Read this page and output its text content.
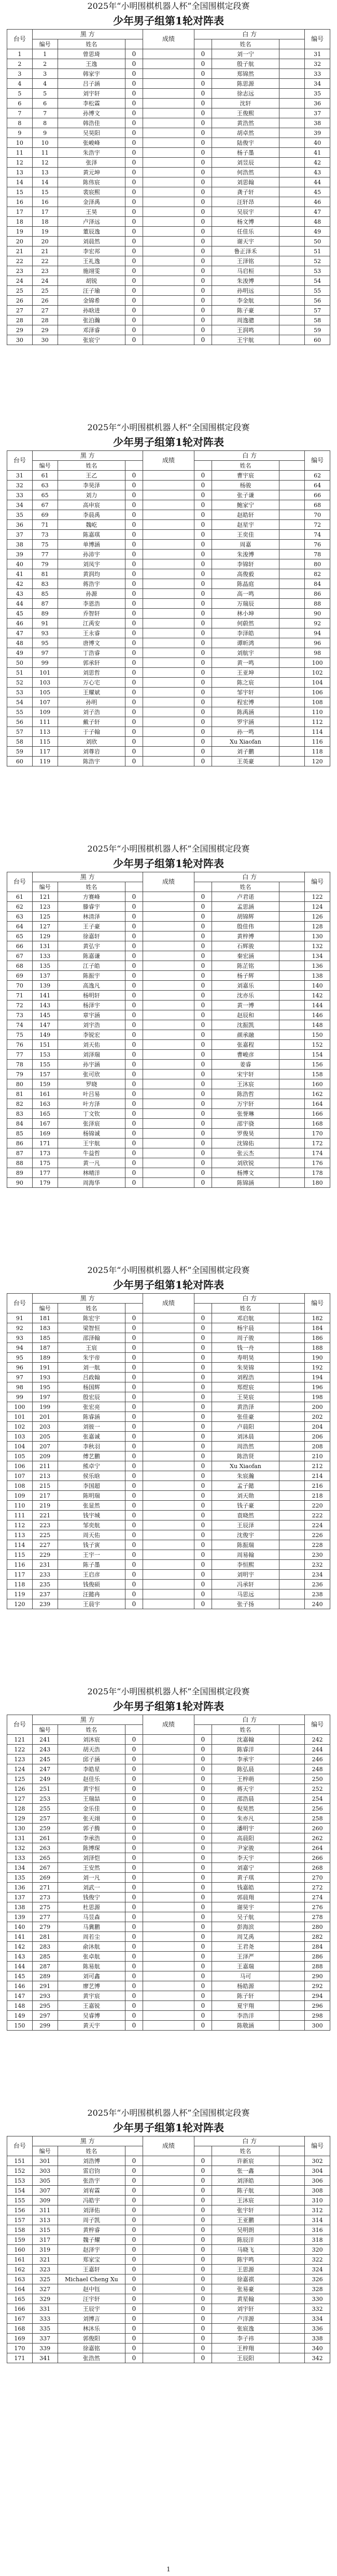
2025年“小明围棋机器人杯”全国围棋定段赛
少年男子组第1轮对阵表
台号	黑 方			成绩	白 方			编号
	编号	姓名				姓名		
1	1	曾思琦	0		0	刘一宁		31
2	2	王逸	0		0	殷子航		32
3	3	韩家宇	0		0	郑锦然		33
4	4	吕子涵	0		0	陈思源		34
5	5	刘宇轩	0		0	徐志远		35
6	6	李松霖	0		0	沈轩		36
7	7	孙博文	0		0	王俊熙		37
8	8	韩浩佳	0		0	黄浩然		38
9	9	吴昊阳	0		0	胡卓然		39
10	10	张峻峰	0		0	陆俊宇		40
11	11	朱浩宇	0		0	杨子墨		41
12	12	张泽	0		0	刘昱辰		42
13	13	黄元坤	0		0	何浩然		43
14	14	陈伟宸	0		0	刘思翰		44
15	15	裴宸熙	0		0	龚子轩		45
16	16	金泽禹	0		0	汪轩昂		46
17	17	王昊	0		0	吴辰宇		47
18	18	卢泽远	0		0	杨文博		48
19	19	董辰逸	0		0	任佳乐		49
20	20	刘晨然	0		0	谢天宇		50
21	21	李宏邦	0		0	鲁正泽禾		51
22	22	王礼逸	0		0	王泽铭		52
23	23	施翊雯	0		0	马启桓		53
24	24	胡锐	0		0	朱浚博		54
25	25	汪子瑜	0		0	孙明远		55
26	26	金锦希	0		0	李金航		56
27	27	孙晗进	0		0	陈子豪		57
28	28	张泊瀚	0		0	周逸骢		58
29	29	邓泽睿	0		0	王润鸣		59
30	30	张宸宁	0		0	王宇航		60
2025年“小明围棋机器人杯”全国围棋定段赛
少年男子组第1轮对阵表
台号	黑 方			成绩	白 方			编号
	编号	姓名				姓名		
31	61	王乙	0		0	曹宇宸		62
32	63	李昊泽	0		0	杨骏		64
33	65	刘力	0		0	张子谦		66
34	67	高申宸	0		0	鲍家宁		68
35	69	李晨禹	0		0	赵皓轩		70
36	71	魏屹	0		0	赵星宇		72
37	73	陈嘉琪	0		0	王奕佳		74
38	75	单博涵	0		0	周嘉		76
39	77	孙沛宇	0		0	朱浚博		78
40	79	刘凤宇	0		0	李锦轩		80
41	81	黄润均	0		0	高俊毅		82
42	83	蒋浩宇	0		0	陈晶庭		84
43	85	孙源	0		0	高一鸣		86
44	87	李恩浩	0		0	万瑞辰		88
45	89	乔智轩	0		0	林小坤		90
46	91	江禹安	0		0	何蔚然		92
47	93	王永睿	0		0	李泽皓		94
48	95	唐博文	0		0	谭昕鸿		96
49	97	丁浩睿	0		0	刘航宇		98
50	99	郭承轩	0		0	黄一鸣		100
51	101	刘思哲	0		0	王亚坤		102
52	103	万心宅	0		0	陈之宸		104
53	105	王耀斌	0		0	邹宇轩		106
54	107	孙明	0		0	程宏博		108
55	109	刘子浩	0		0	陈禹涵		110
56	111	戴子轩	0		0	罗宇涵		112
57	113	于子翰	0		0	孙一鸣		114
58	115	刘欣	0		0	Xu Xiaofan		116
59	117	刘尊岩	0		0	刘子鹏		118
60	119	陈浩宇	0		0	王英豪		120
2025年“小明围棋机器人杯”全国围棋定段赛
少年男子组第1轮对阵表
台号	黑 方			成绩	白 方			编号
	编号	姓名				姓名		
61	121	方赛峰	0		0	卢君诺		122
62	123	滕睿宇	0		0	孟思涵		124
63	125	林清泽	0		0	胡锦辉		126
64	127	王子豪	0		0	殷佳伟		128
65	129	徐嘉轩	0		0	黄梓博		130
66	131	黄弘宇	0		0	石辉骏		132
67	133	陈嘉谦	0		0	秦宏涵		134
68	135	江子皓	0		0	陈芷铭		136
69	137	陈振宇	0		0	杨子辉		138
70	139	高逸凡	0		0	刘嘉乐		140
71	141	杨明轩	0		0	沈亦乐		142
72	143	杨泽宇	0		0	黄一博		144
73	145	章宇涵	0		0	赵辰和		146
74	147	刘宇浩	0		0	沈振凯		148
75	149	李锐宏	0		0	颜承融		150
76	151	刘天佑	0		0	张嘉程		152
77	153	刘泽瑞	0		0	曹峻彦		154
78	155	孙宇涵	0		0	姜睿		156
79	157	张可欣	0		0	宋宇轩		158
80	159	罗晓	0		0	王沐宸		160
81	161	叶吕易	0		0	陈浩哲		162
82	163	叶方泽	0		0	万宇轩		164
83	165	丁文钦	0		0	张誉琳		166
84	167	张泽宸	0		0	邵宇骁		168
85	169	杨锦诚	0		0	罗俊昊		170
86	171	王宇航	0		0	沈锦佑		172
87	173	牛益哲	0		0	张云杰		174
88	175	黄一凡	0		0	刘欣锐		176
89	177	林晴洋	0		0	杨博文		178
90	179	周海华	0		0	陈锦涵		180
2025年“小明围棋机器人杯”全国围棋定段赛
少年男子组第1轮对阵表
台号	黑 方			成绩	白 方			编号
	编号	姓名				姓名		
91	181	陈宏宇	0		0	邓启航		182
92	183	梁智恒	0		0	杨宇晨		184
93	185	邵泽翰	0		0	周子骏		186
94	187	王宸	0		0	钱一舟		188
95	189	朱宇帝	0		0	寿明昊		190
96	191	刘一航	0		0	朱昊锦		192
97	193	吕政翰	0		0	刘程浩		194
98	195	杨国辉	0		0	郑煜宸		196
99	197	殷宏辰	0		0	王昊宸		198
100	199	张宏亮	0		0	黄浩泽		200
101	201	陈睿涵	0		0	张佳豪		202
102	203	刘彼一	0		0	卢晨阳		204
103	205	张嘉诚	0		0	刘沐晨		206
104	207	李秋羽	0		0	周浩然		208
105	209	傅艺鹏	0		0	陈浩贤		210
106	211	熊卓宁	0		0	Xu Xiaofan		212
107	213	侯乐晗	0		0	朱宸瀚		214
108	215	李国超	0		0	孟子懿		216
109	217	陈明瑞	0		0	刘天勋		218
110	219	张显然	0		0	钱子豪		220
111	221	钱宇城	0		0	袁晓然		222
112	223	邹奕航	0		0	王辰泽		224
113	225	周天佑	0		0	沈俊宇		226
114	227	钱子寅	0		0	陈振瑞		228
115	229	王宇一	0		0	周易翰		230
116	231	陈子墨	0		0	李恒熙		232
117	233	王启彦	0		0	刘明宇		234
118	235	钱俊硕	0		0	冯承轩		236
119	237	汪懿冉	0		0	马思远		238
120	239	王晨宇	0		0	张子扬		240
2025年“小明围棋机器人杯”全国围棋定段赛
少年男子组第1轮对阵表
台号	黑 方			成绩	白 方			编号
	编号	姓名				姓名		
121	241	刘沐宸	0		0	沈嘉翰		242
122	243	胡天浩	0		0	陈睿洋		244
123	245	邱子涵	0		0	李承宇		246
124	247	李皓星	0		0	陈弘晨		248
125	249	赵佳乐	0		0	王梓萌		250
126	251	黄宇恒	0		0	蒋天宇		252
127	253	王瑞喆	0		0	邵浩晨		254
128	255	金乐佳	0		0	倪昊然		256
129	257	张天翊	0		0	朱亦凡		258
130	259	郭子腾	0		0	潘明宇		260
131	261	李承浩	0		0	高晨阳		262
132	263	陈博琛	0		0	尹家骏		264
133	265	刘泽恺	0		0	李天宇		266
134	267	王安然	0		0	刘嘉宁		268
135	269	刘一凡	0		0	黄子琪		270
136	271	刘武一	0		0	钱嘉皓		272
137	273	钱俊宁	0		0	郭晨翔		274
138	275	杜思源	0		0	谢昊宇		276
139	277	马昱森	0		0	吴子航		278
140	279	马冀鹏	0		0	彭海滨		280
141	281	周若尘	0		0	周艾禹		282
142	283	俞沐航	0		0	王君尧		284
143	285	张卓航	0		0	王泽严		286
144	287	陈易航	0		0	王嘉瑞		288
145	289	刘可鑫	0		0	马可		290
146	291	廖艺博	0		0	杨皓源		292
147	293	黄宇宸	0		0	陈子轩		294
148	295	王嘉锐	0		0	夏宇翔		296
149	297	吴睿博	0		0	李浩洋		298
150	299	黄天宇	0		0	陈敬涵		300
2025年“小明围棋机器人杯”全国围棋定段赛
少年男子组第1轮对阵表
台号	黑 方			成绩	白 方			编号
	编号	姓名				姓名		
151	301	刘浩博	0		0	许新宸		302
152	303	雷启钧	0		0	张一鑫		304
153	305	张浩宇	0		0	刘泽皓		306
154	307	刘宥霖	0		0	陈子航		308
155	309	冯皓宇	0		0	王沐宸		310
156	311	刘泽佑	0		0	张宇轩		312
157	313	周子凯	0		0	王亚鹏		314
158	315	黄梓睿	0		0	吴明朗		316
159	317	魏子耀	0		0	陈辰洋		318
160	319	赵泽宇	0		0	马晓飞		320
161	321	郑家宝	0		0	陈宇鸣		322
162	323	王嘉轩	0		0	王思源		324
163	325	Michael Cheng Xu	0		0	徐嘉祺		326
164	327	赵中钰	0		0	张易豪		328
165	329	汪宇轩	0		0	黄星翰		330
166	331	王辰宇	0		0	刘宇轩		332
167	333	刘博言	0		0	卢洋源		334
168	335	林沐乐	0		0	张宸逸		336
169	337	郭俊阳	0		0	李子祎		338
170	339	徐嘉铭	0		0	王梓翔		340
171	341	张浩然	0		0	王辰阳		342
1
